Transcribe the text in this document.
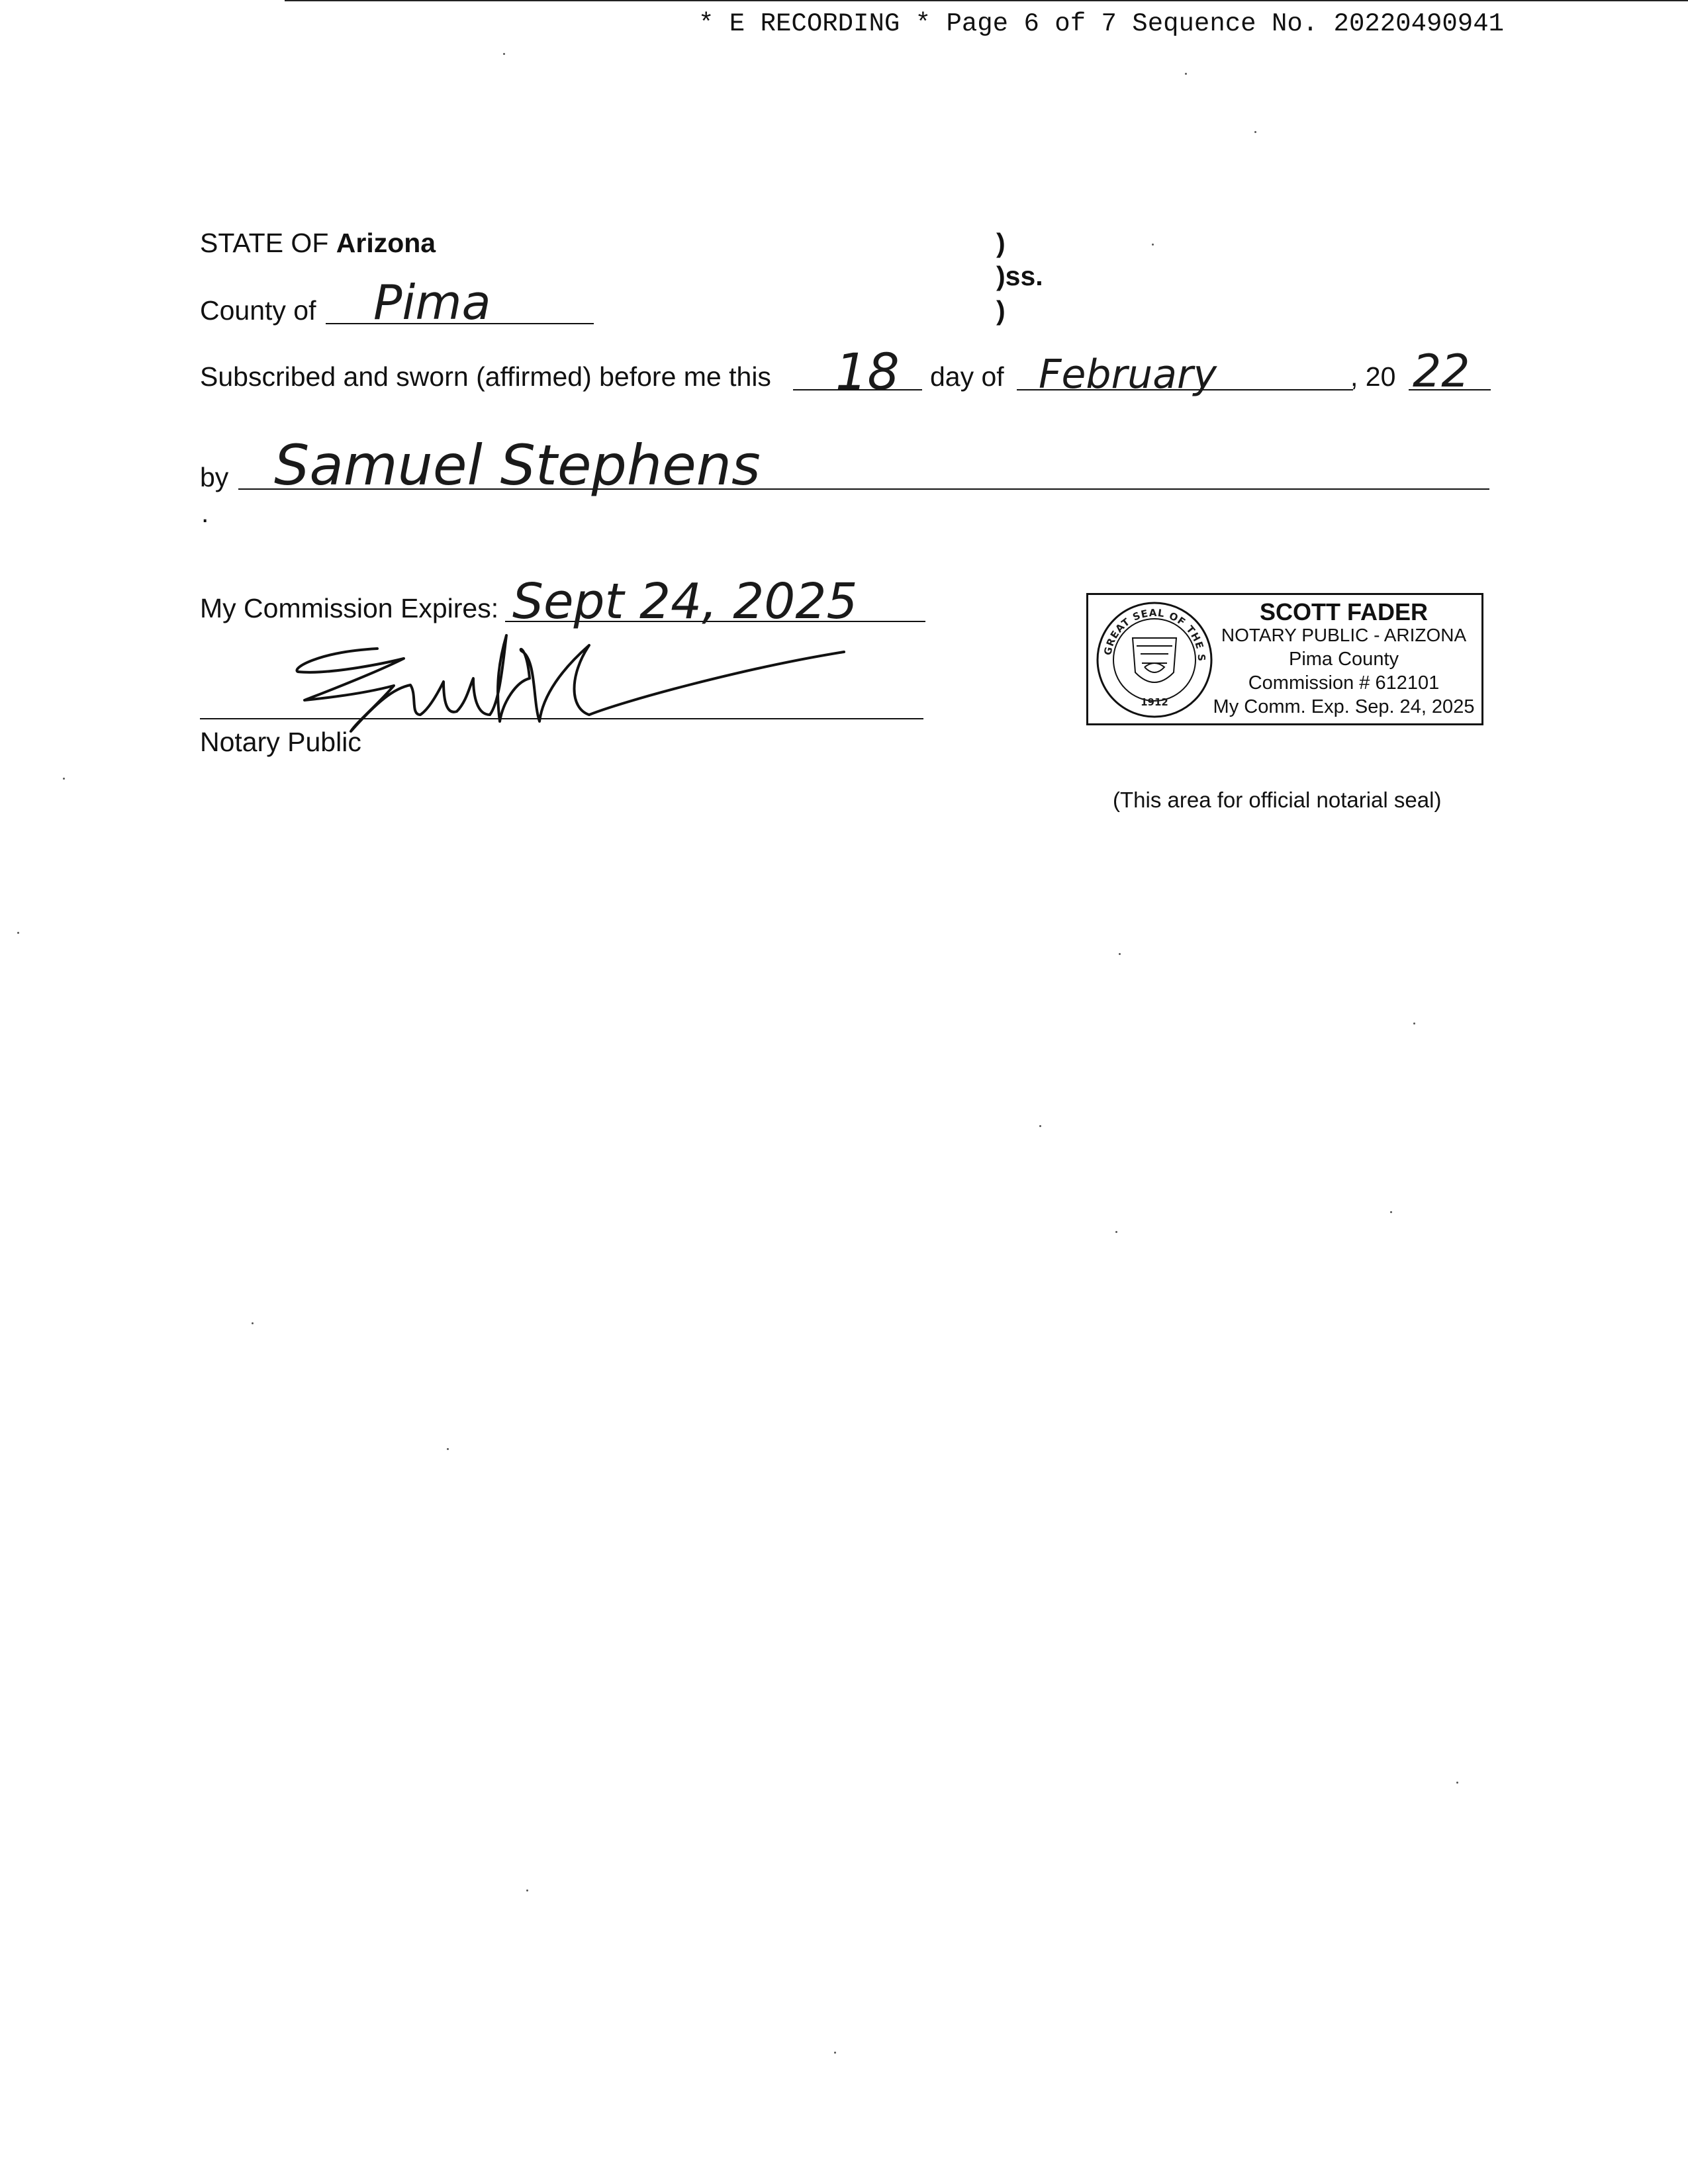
* E RECORDING * Page 6 of 7 Sequence No. 20220490941
STATE OF Arizona	)
)ss.
)
County of Pima
Subscribed and sworn (affirmed) before me this 18 day of February	, 20 22
by Samuel Stephens
.
My Commission Expires: Sept 24, 2025
Notary Public
GREAT SEAL OF THE STATE OF ARIZONA
1912
SCOTT FADER
NOTARY PUBLIC - ARIZONA
Pima County
Commission # 612101
My Comm. Exp. Sep. 24, 2025
(This area for official notarial seal)
